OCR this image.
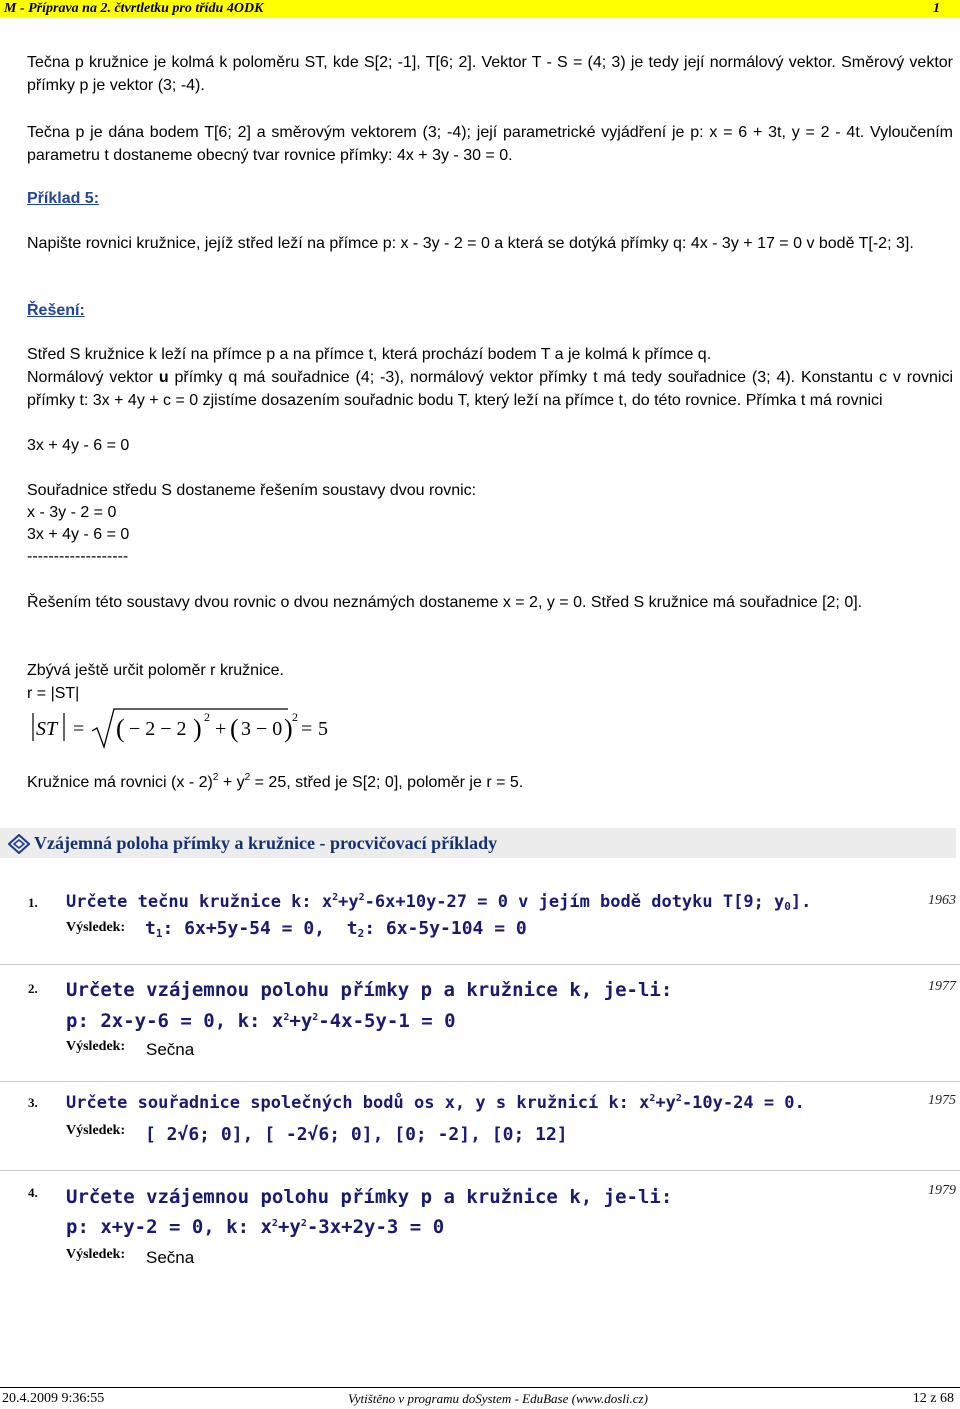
M - Příprava na 2. čtvrtletku pro třídu 4ODK	1
Tečna p kružnice je kolmá k poloměru ST, kde S[2; -1], T[6; 2]. Vektor T - S = (4; 3) je tedy její normálový vektor. Směrový vektor přímky p je vektor (3; -4).
Tečna p je dána bodem T[6; 2] a směrovým vektorem (3; -4); její parametrické vyjádření je p: x = 6 + 3t, y = 2 - 4t. Vyloučením parametru t dostaneme obecný tvar rovnice přímky: 4x + 3y - 30 = 0.
Příklad 5:
Napište rovnici kružnice, jejíž střed leží na přímce p: x - 3y - 2 = 0 a která se dotýká přímky q: 4x - 3y + 17 = 0 v bodě T[-2; 3].
Řešení:
Střed S kružnice k leží na přímce p a na přímce t, která prochází bodem T a je kolmá k přímce q.
Normálový vektor u přímky q má souřadnice (4; -3), normálový vektor přímky t má tedy souřadnice (3; 4). Konstantu c v rovnici přímky t: 3x + 4y + c = 0 zjistíme dosazením souřadnic bodu T, který leží na přímce t, do této rovnice. Přímka t má rovnici
3x + 4y - 6 = 0
Souřadnice středu S dostaneme řešením soustavy dvou rovnic:
x - 3y - 2 = 0
3x + 4y - 6 = 0
-------------------
Řešením této soustavy dvou rovnic o dvou neznámých dostaneme x = 2, y = 0. Střed S kružnice má souřadnice [2; 0].
Zbývá ještě určit poloměr r kružnice.
r = |ST|
ST = ( − 2 − 2 ) 2
+ ( 3 − 0 ) 2
= 5
Kružnice má rovnici $(x - 2)^2 + y^2 = 25$, střed je S[2; 0], poloměr je r = 5.
Vzájemná poloha přímky a kružnice - procvičovací příklady
1. Určete tečnu kružnice k: $x^2+y^2-6x+10y-27 = 0$ v jejím bodě dotyku T[9; $y_0$].	1963
Výsledek: $t_1$: 6x+5y-54 = 0, $t_2$: 6x-5y-104 = 0
2. Určete vzájemnou polohu přímky p a kružnice k, je-li:
p: 2x-y-6 = 0, k: $x^2+y^2-4x-5y-1 = 0$
1977
Výsledek: Sečna
3. Určete souřadnice společných bodů os x, y s kružnicí k: $x^2+y^2-10y-24 = 0$.	1975
Výsledek: [ 2√6; 0], [ -2√6; 0], [0; -2], [0; 12]
4. Určete vzájemnou polohu přímky p a kružnice k, je-li:
p: x+y-2 = 0, k: $x^2+y^2-3x+2y-3 = 0$
1979
Výsledek: Sečna
20.4.2009 9:36:55	Vytištěno v programu doSystem - EduBase (www.dosli.cz)	12 z 68
